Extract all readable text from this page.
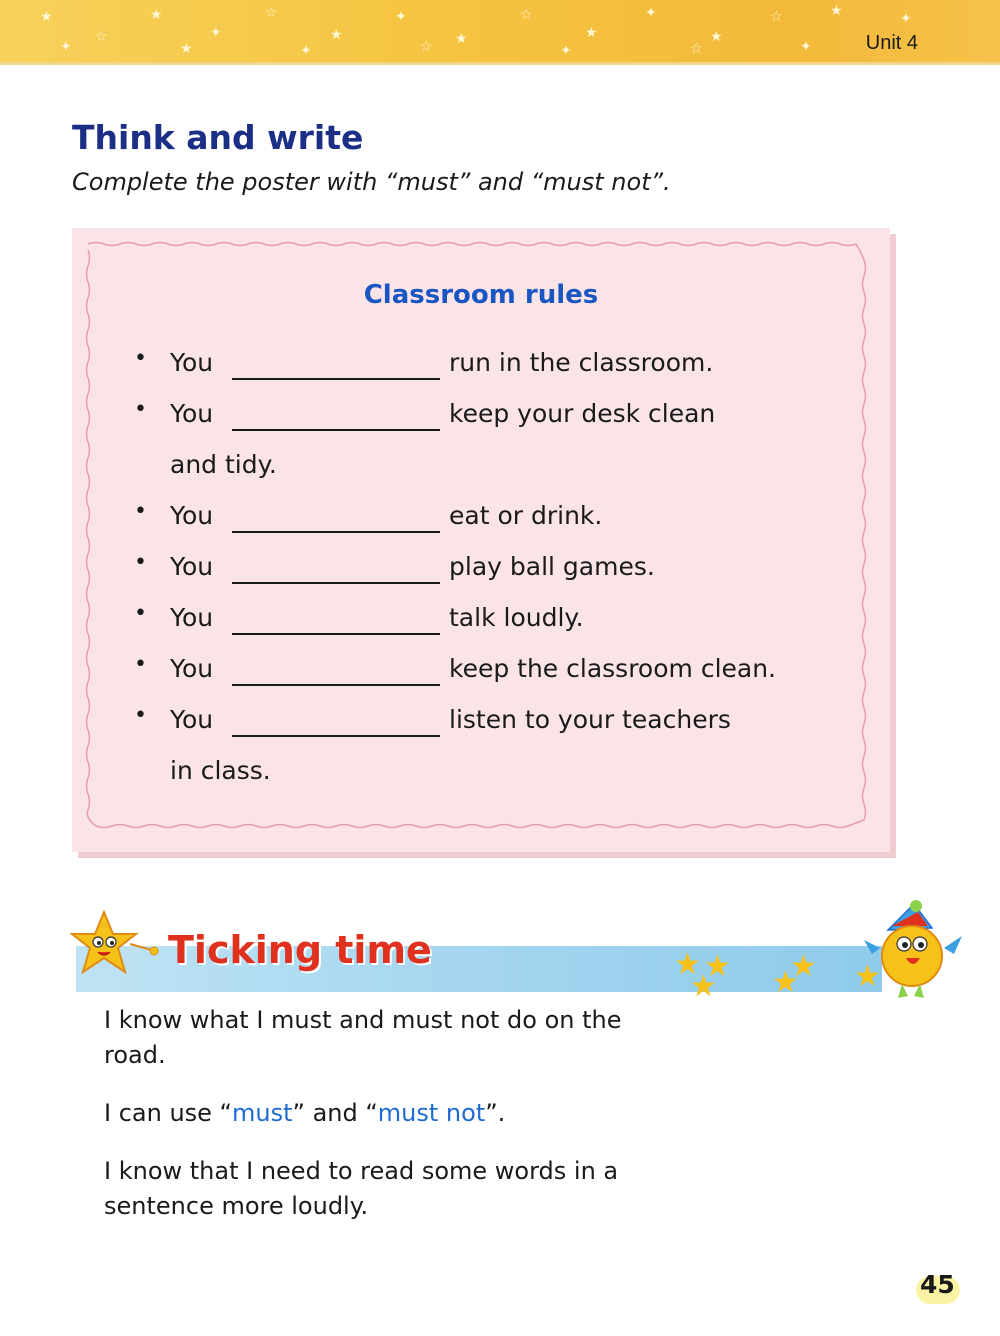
★
☆
★
✦
☆
★
✦
★
☆
★
✦
★
☆	★	✦
✦	★	✦	☆	✦	☆	✦	Unit 4
Think and write

Complete the poster with “must” and “must not”.

Classroom rules
• You	run in the classroom.
• You	keep your desk clean
and tidy.
• You	eat or drink.
• You	play ball games.
• You	talk loudly.
• You	keep the classroom clean.
• You	listen to your teachers
in class.
Ticking time	★ ★
★
★
★ ★
I know what I must and must not do on the road.
I can use “must” and “must not”.
I know that I need to read some words in a sentence more loudly.
45
